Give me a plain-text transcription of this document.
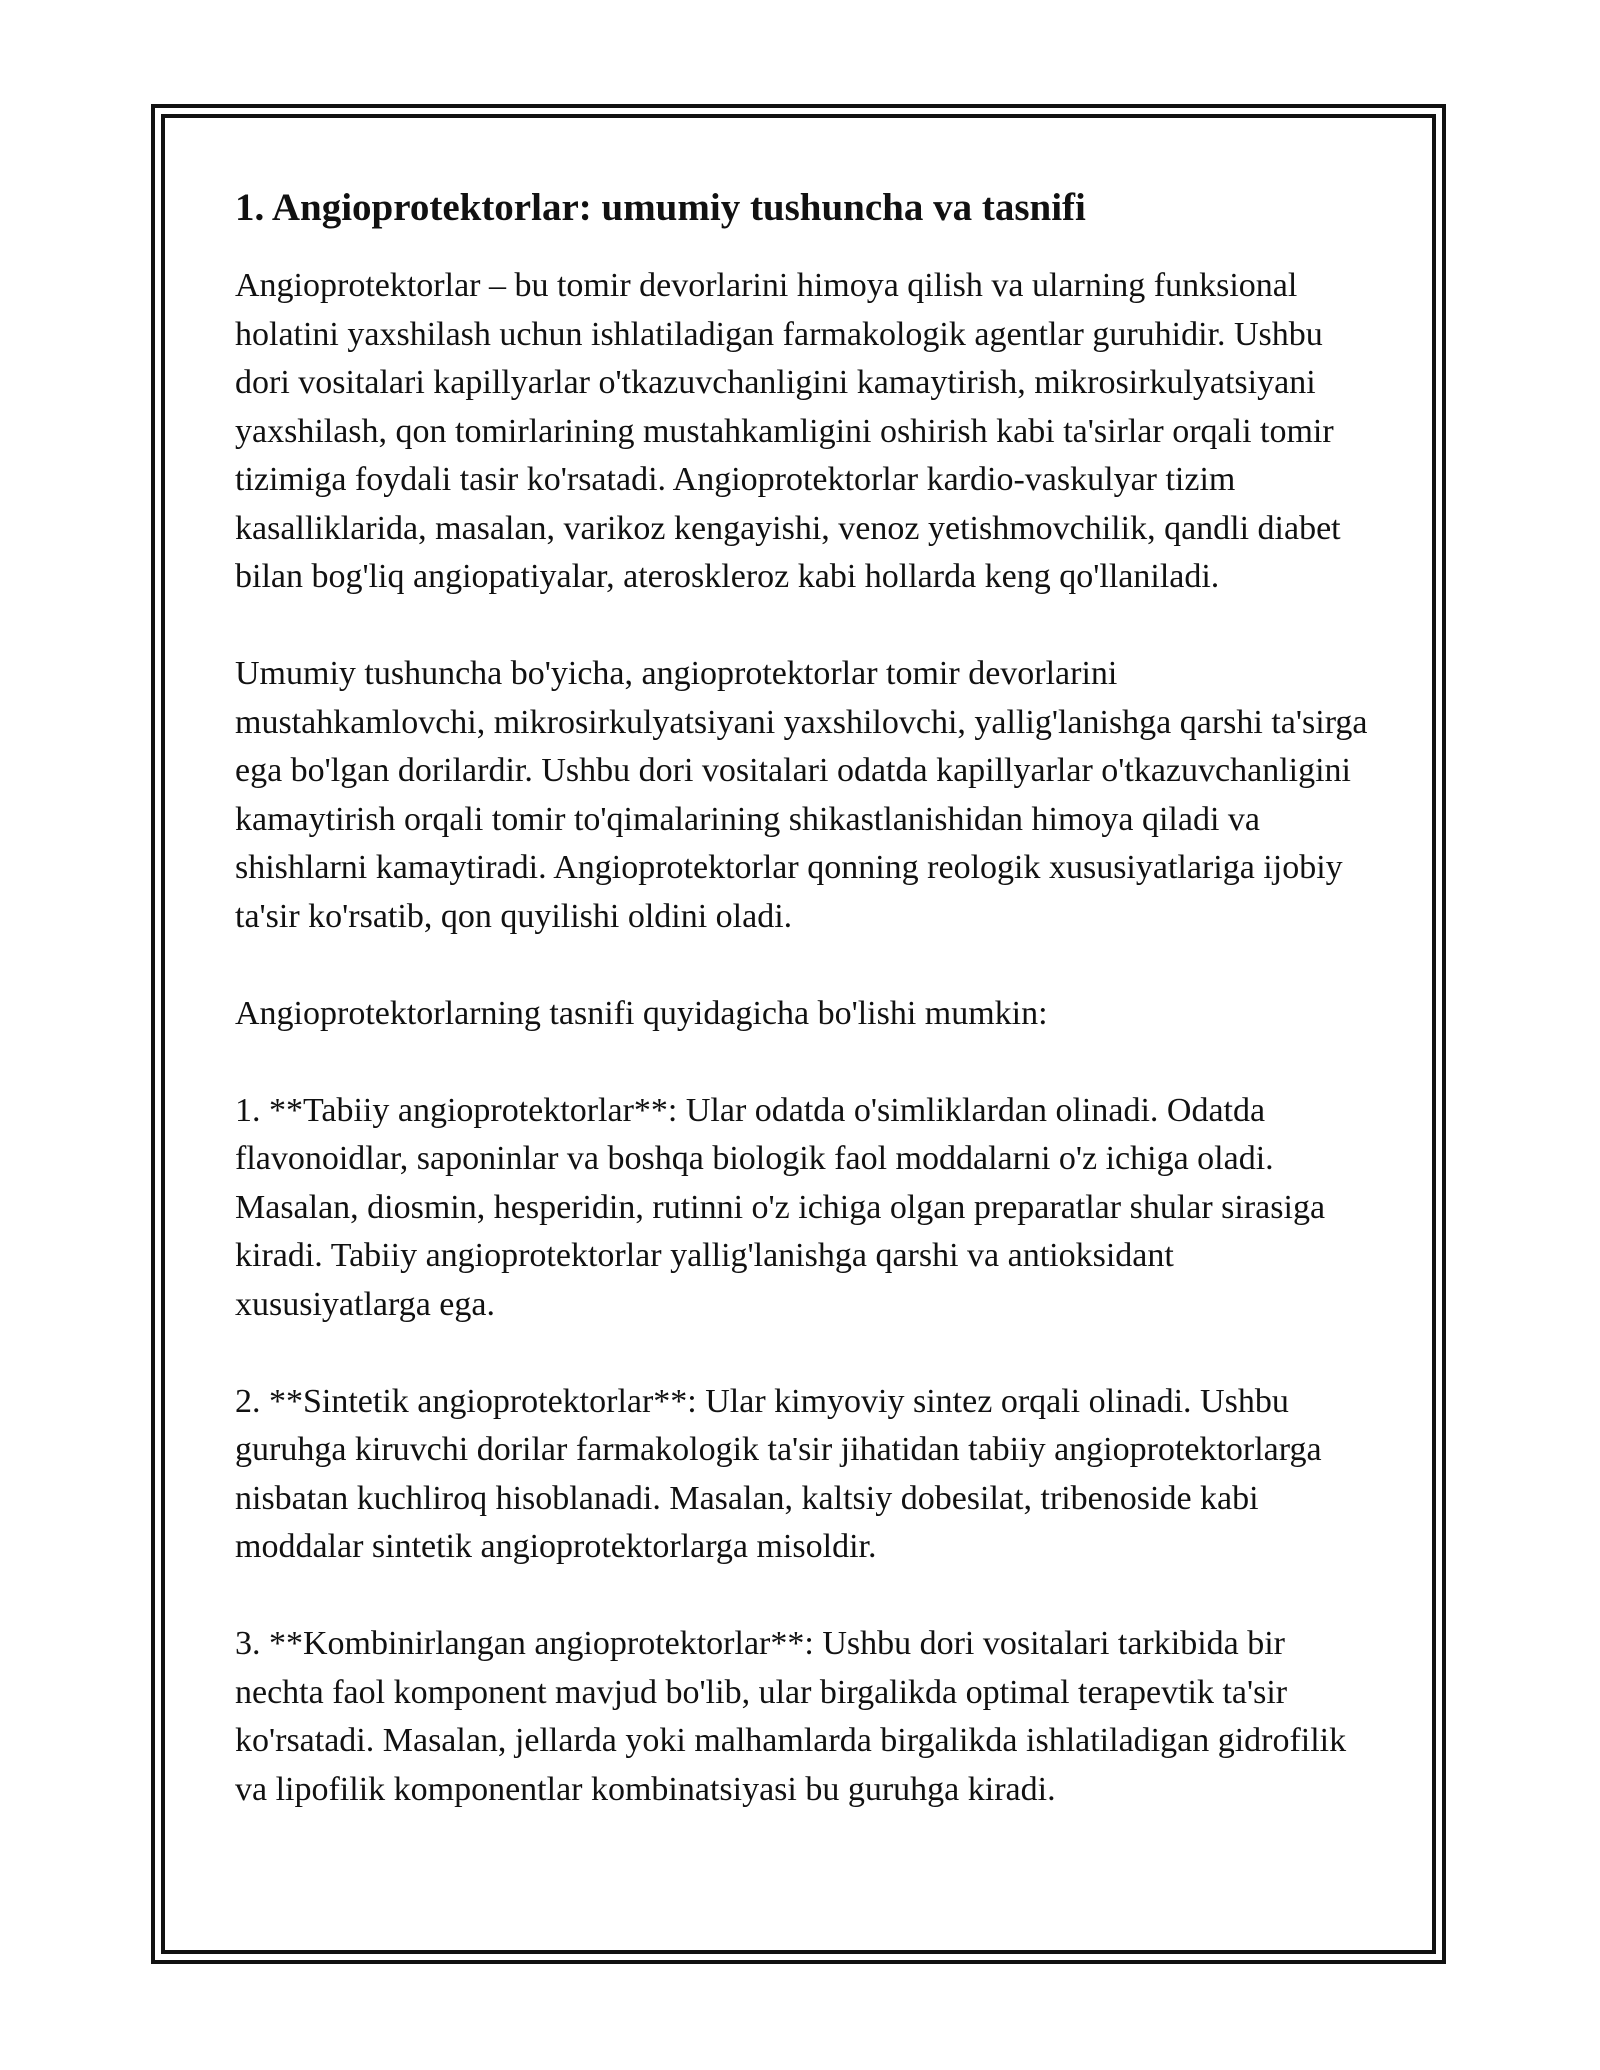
1. Angioprotektorlar: umumiy tushuncha va tasnifi

Angioprotektorlar – bu tomir devorlarini himoya qilish va ularning funksional holatini yaxshilash uchun ishlatiladigan farmakologik agentlar guruhidir. Ushbu dori vositalari kapillyarlar o'tkazuvchanligini kamaytirish, mikrosirkulyatsiyani yaxshilash, qon tomirlarining mustahkamligini oshirish kabi ta'sirlar orqali tomir tizimiga foydali tasir ko'rsatadi. Angioprotektorlar kardio-vaskulyar tizim kasalliklarida, masalan, varikoz kengayishi, venoz yetishmovchilik, qandli diabet bilan bog'liq angiopatiyalar, ateroskleroz kabi hollarda keng qo'llaniladi.

Umumiy tushuncha bo'yicha, angioprotektorlar tomir devorlarini mustahkamlovchi, mikrosirkulyatsiyani yaxshilovchi, yallig'lanishga qarshi ta'sirga ega bo'lgan dorilardir. Ushbu dori vositalari odatda kapillyarlar o'tkazuvchanligini kamaytirish orqali tomir to'qimalarining shikastlanishidan himoya qiladi va shishlarni kamaytiradi. Angioprotektorlar qonning reologik xususiyatlariga ijobiy ta'sir ko'rsatib, qon quyilishi oldini oladi.

Angioprotektorlarning tasnifi quyidagicha bo'lishi mumkin:

1. **Tabiiy angioprotektorlar**: Ular odatda o'simliklardan olinadi. Odatda flavonoidlar, saponinlar va boshqa biologik faol moddalarni o'z ichiga oladi. Masalan, diosmin, hesperidin, rutinni o'z ichiga olgan preparatlar shular sirasiga kiradi. Tabiiy angioprotektorlar yallig'lanishga qarshi va antioksidant xususiyatlarga ega.

2. **Sintetik angioprotektorlar**: Ular kimyoviy sintez orqali olinadi. Ushbu guruhga kiruvchi dorilar farmakologik ta'sir jihatidan tabiiy angioprotektorlarga nisbatan kuchliroq hisoblanadi. Masalan, kaltsiy dobesilat, tribenoside kabi moddalar sintetik angioprotektorlarga misoldir.

3. **Kombinirlangan angioprotektorlar**: Ushbu dori vositalari tarkibida bir nechta faol komponent mavjud bo'lib, ular birgalikda optimal terapevtik ta'sir ko'rsatadi. Masalan, jellarda yoki malhamlarda birgalikda ishlatiladigan gidrofilik va lipofilik komponentlar kombinatsiyasi bu guruhga kiradi.
